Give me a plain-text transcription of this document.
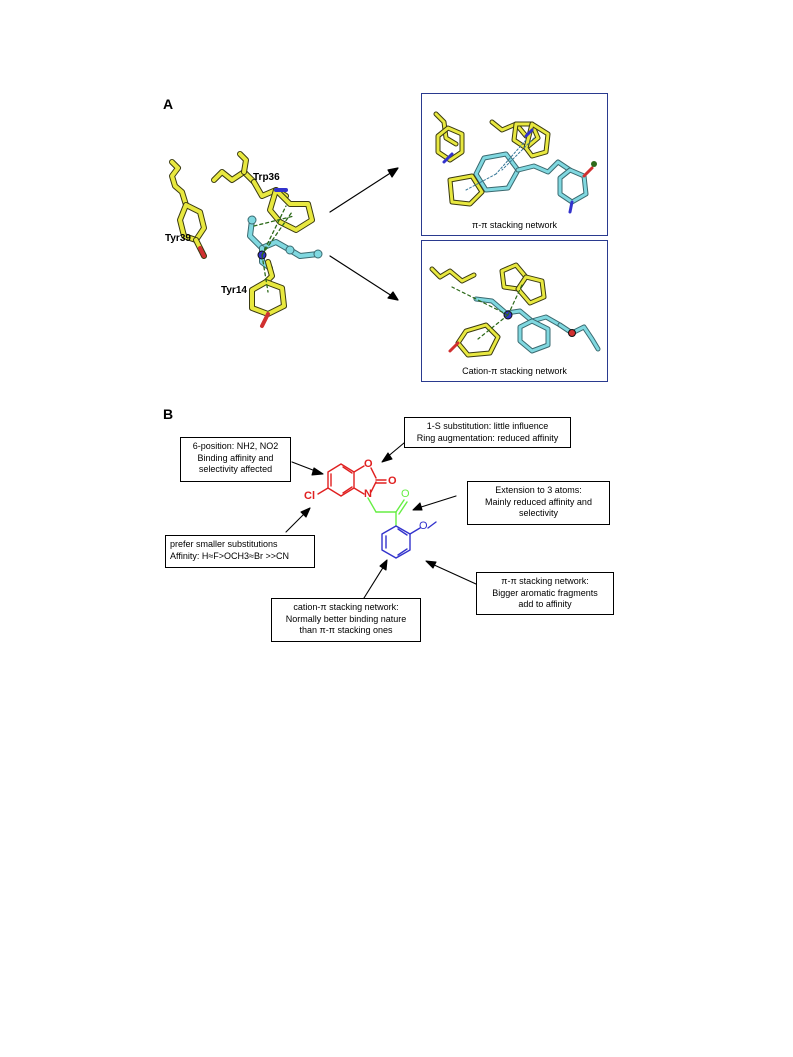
A
Trp36
Tyr39
Tyr14
π-π stacking network
Cation-π stacking network
B
O
N
O
Cl	O
O
6-position: NH2, NO2
Binding affinity and
selectivity affected
1-S substitution: little influence
Ring augmentation: reduced affinity
Extension to 3 atoms:
Mainly reduced affinity and
selectivity
prefer smaller substitutions
Affinity: H≈F>OCH3≈Br >>CN
π-π stacking network:
Bigger aromatic fragments
add to affinity
cation-π stacking network:
Normally better binding nature
than π-π stacking ones
